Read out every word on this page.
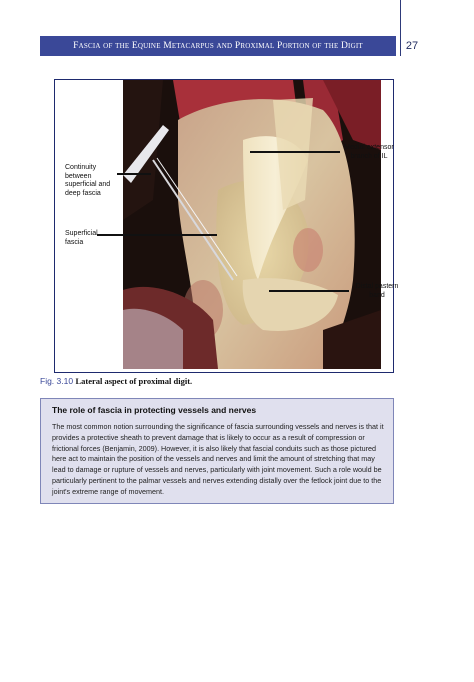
Fascia of the Equine Metacarpus and Proximal Portion of the Digit	27
Continuity
between
superficial and
deep fascia
Superficial
fascia
Medial extensor
branch of IL
Distal pastern
band
Fig. 3.10 Lateral aspect of proximal digit.
The role of fascia in protecting vessels and nerves

The most common notion surrounding the significance of fascia surrounding vessels and nerves is that it provides a protective sheath to prevent damage that is likely to occur as a result of compression or frictional forces (Benjamin, 2009). However, it is also likely that fascial conduits such as those pictured here act to maintain the position of the vessels and nerves and limit the amount of stretching that may lead to damage or rupture of vessels and nerves, particularly with joint movement. Such a role would be particularly pertinent to the palmar vessels and nerves extending distally over the fetlock joint due to the joint's extreme range of movement.
